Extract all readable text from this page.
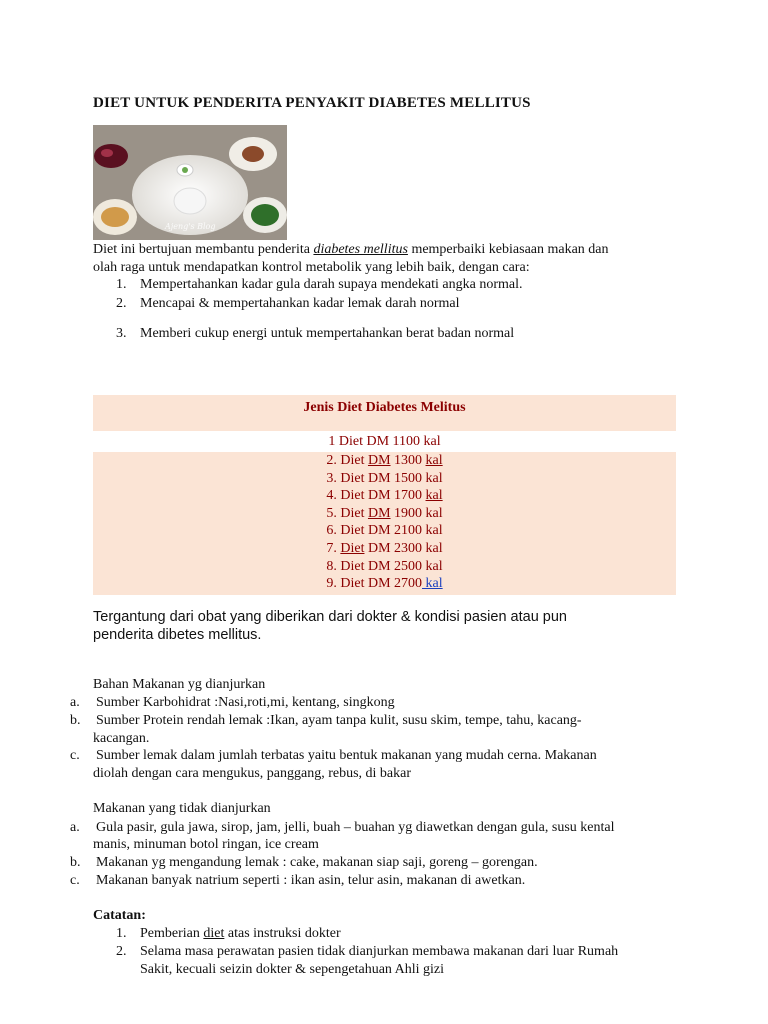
DIET UNTUK PENDERITA PENYAKIT DIABETES MELLITUS
Ajeng's Blog
Diet ini bertujuan membantu penderita diabetes mellitus memperbaiki kebiasaan makan dan
olah raga untuk mendapatkan kontrol metabolik yang lebih baik, dengan cara:
1. Mempertahankan kadar gula darah supaya mendekati angka normal.
2. Mencapai & mempertahankan kadar lemak darah normal
3. Memberi cukup energi untuk mempertahankan berat badan normal
Jenis Diet Diabetes Melitus
1 Diet DM 1100 kal
2. Diet DM 1300 kal
3. Diet DM 1500 kal
4. Diet DM 1700 kal
5. Diet DM 1900 kal
6. Diet DM 2100 kal
7. Diet DM 2300 kal
8. Diet DM 2500 kal
9. Diet DM 2700 kal
Tergantung dari obat yang diberikan dari dokter & kondisi pasien atau pun
penderita dibetes mellitus.
Bahan Makanan yg dianjurkan
a. Sumber Karbohidrat :Nasi,roti,mi, kentang, singkong
b. Sumber Protein rendah lemak :Ikan, ayam tanpa kulit, susu skim, tempe, tahu, kacang-
kacangan.
c. Sumber lemak dalam jumlah terbatas yaitu bentuk makanan yang mudah cerna. Makanan
diolah dengan cara mengukus, panggang, rebus, di bakar
Makanan yang tidak dianjurkan
a. Gula pasir, gula jawa, sirop, jam, jelli, buah – buahan yg diawetkan dengan gula, susu kental
manis, minuman botol ringan, ice cream
b. Makanan yg mengandung lemak : cake, makanan siap saji, goreng – gorengan.
c. Makanan banyak natrium seperti : ikan asin, telur asin, makanan di awetkan.
Catatan:
1. Pemberian diet atas instruksi dokter
2. Selama masa perawatan pasien tidak dianjurkan membawa makanan dari luar Rumah
Sakit, kecuali seizin dokter & sepengetahuan Ahli gizi
